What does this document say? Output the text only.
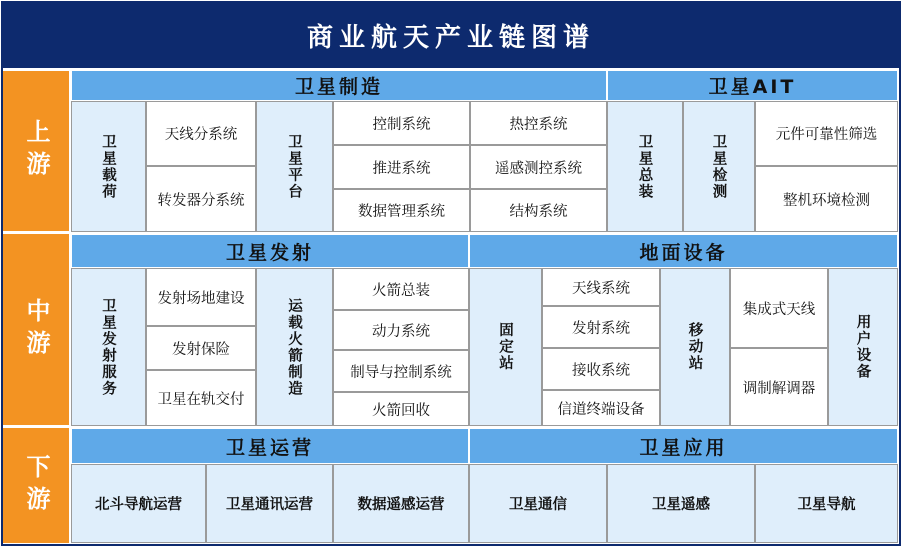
商业航天产业链图谱
上游
中游
下游
卫星制造	卫星AIT
卫星载荷	天线分系统
转发器分系统
卫星平台
控制系统
推进系统
数据管理系统
热控系统
遥感测控系统
结构系统
卫星总装	卫星检测	元件可靠性筛选
整机环境检测
卫星发射	地面设备
卫星发射服务	发射场地建设
发射保险
卫星在轨交付
运载火箭制造
火箭总装
动力系统
制导与控制系统
火箭回收
固定站
天线系统
发射系统
接收系统
信道终端设备
移动站
集成式天线
调制解调器
用户设备
卫星运营	卫星应用
北斗导航运营	卫星通讯运营	数据遥感运营	卫星通信	卫星遥感	卫星导航
